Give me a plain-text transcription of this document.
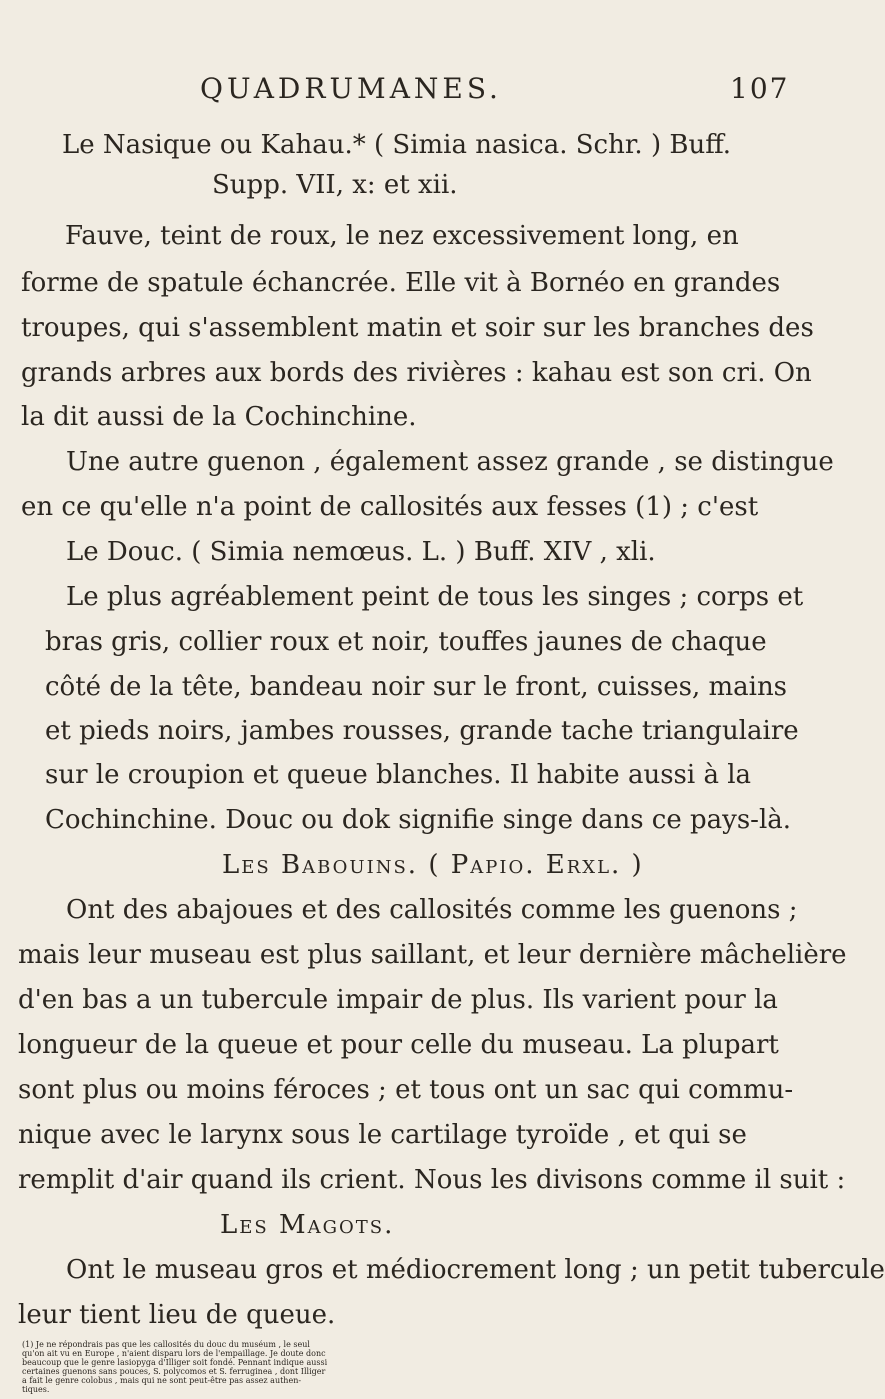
QUADRUMANES.	107
Le Nasique ou Kahau.* ( Simia nasica. Schr. ) Buff.
Supp. VII, x: et xii.
Fauve, teint de roux, le nez excessivement long, en
forme de spatule échancrée. Elle vit à Bornéo en grandes
troupes, qui s'assemblent matin et soir sur les branches des
grands arbres aux bords des rivières : kahau est son cri. On
la dit aussi de la Cochinchine.
Une autre guenon , également assez grande , se distingue
en ce qu'elle n'a point de callosités aux fesses (1) ; c'est
Le Douc. ( Simia nemœus. L. ) Buff. XIV , xli.
Le plus agréablement peint de tous les singes ; corps et
bras gris, collier roux et noir, touffes jaunes de chaque
côté de la tête, bandeau noir sur le front, cuisses, mains
et pieds noirs, jambes rousses, grande tache triangulaire
sur le croupion et queue blanches. Il habite aussi à la
Cochinchine. Douc ou dok signifie singe dans ce pays-là.
Les Babouins. ( Papio. Erxl. )
Ont des abajoues et des callosités comme les guenons ;
mais leur museau est plus saillant, et leur dernière mâchelière
d'en bas a un tubercule impair de plus. Ils varient pour la
longueur de la queue et pour celle du museau. La plupart
sont plus ou moins féroces ; et tous ont un sac qui commu-
nique avec le larynx sous le cartilage tyroïde , et qui se
remplit d'air quand ils crient. Nous les divisons comme il suit :
Les Magots.
Ont le museau gros et médiocrement long ; un petit tubercule
leur tient lieu de queue.
(1) Je ne répondrais pas que les callosités du douc du muséum , le seul
qu'on ait vu en Europe , n'aient disparu lors de l'empaillage. Je doute donc
beaucoup que le genre lasiopyga d'Illiger soit fondé. Pennant indique aussi
certaines guenons sans pouces, S. polycomos et S. ferruginea , dont Illiger
a fait le genre colobus , mais qui ne sont peut-être pas assez authen-
tiques.
